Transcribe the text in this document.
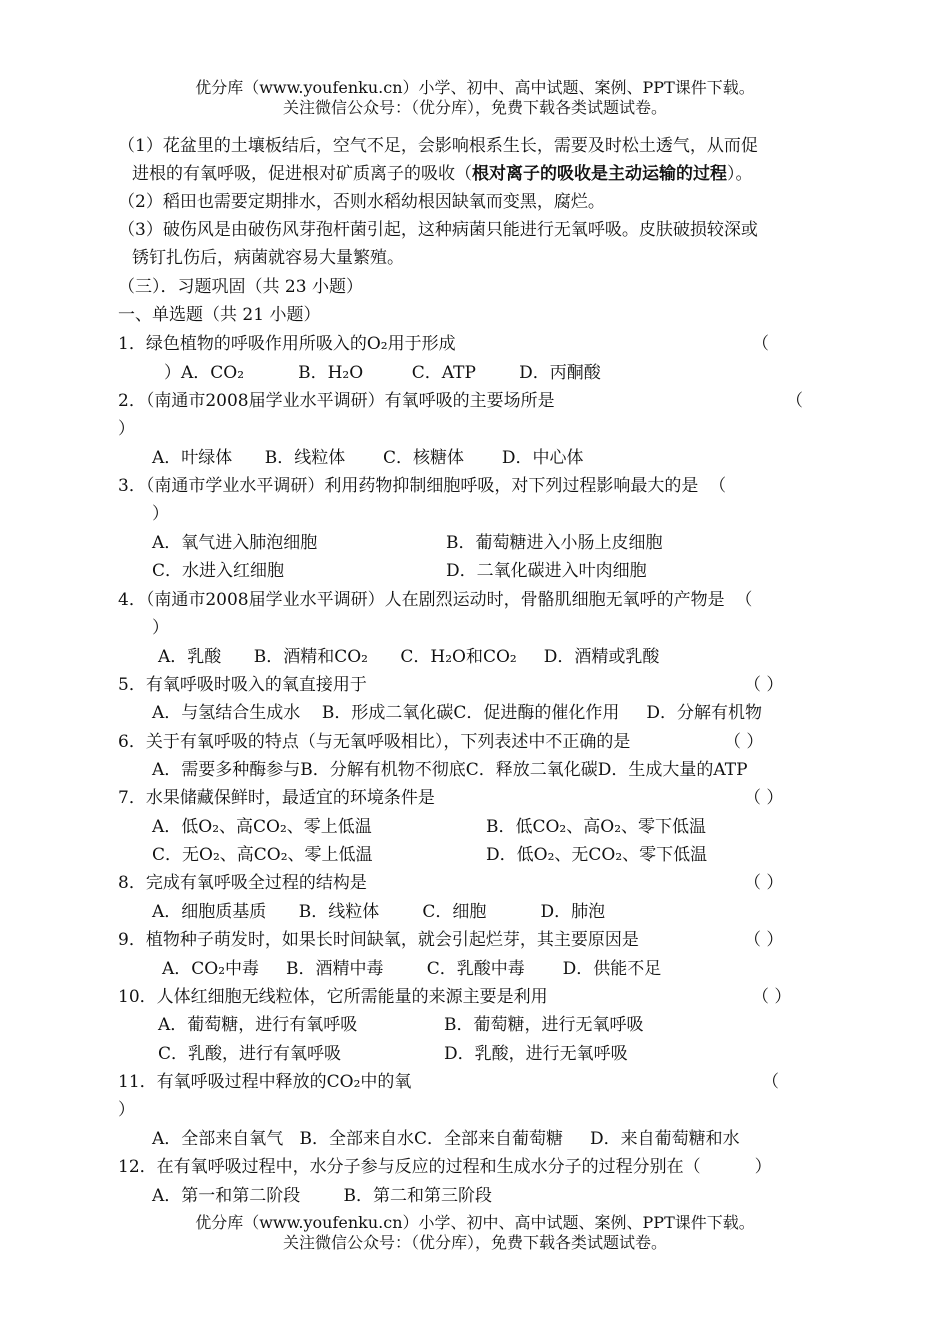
优分库（www.youfenku.cn）小学、初中、高中试题、案例、PPT课件下载。
关注微信公众号：（优分库），免费下载各类试题试卷。
（1）花盆里的土壤板结后，空气不足，会影响根系生长，需要及时松土透气，从而促
进根的有氧呼吸，促进根对矿质离子的吸收（根对离子的吸收是主动运输的过程）。
（2）稻田也需要定期排水，否则水稻幼根因缺氧而变黑，腐烂。
（3）破伤风是由破伤风芽孢杆菌引起，这种病菌只能进行无氧呼吸。皮肤破损较深或
锈钉扎伤后，病菌就容易大量繁殖。
（三）．习题巩固（共 23 小题）
一、单选题（共 21 小题）
1．绿色植物的呼吸作用所吸入的O₂用于形成	（
）A．CO₂          B．H₂O         C．ATP        D．丙酮酸
2．（南通市2008届学业水平调研）有氧呼吸的主要场所是	（
）
A．叶绿体      B．线粒体       C．核糖体       D．中心体
3．（南通市学业水平调研）利用药物抑制细胞呼吸，对下列过程影响最大的是  （
）
A．氧气进入肺泡细胞	B．葡萄糖进入小肠上皮细胞
C．水进入红细胞	D．二氧化碳进入叶肉细胞
4．（南通市2008届学业水平调研）人在剧烈运动时，骨骼肌细胞无氧呼的产物是  （
）
A．乳酸      B．酒精和CO₂      C．H₂O和CO₂     D．酒精或乳酸
5．有氧呼吸时吸入的氧直接用于	（ ）
A．与氢结合生成水    B．形成二氧化碳C．促进酶的催化作用     D．分解有机物
6．关于有氧呼吸的特点（与无氧呼吸相比），下列表述中不正确的是	（ ）
A．需要多种酶参与B．分解有机物不彻底C．释放二氧化碳D．生成大量的ATP
7．水果储藏保鲜时，最适宜的环境条件是	（ ）
A．低O₂、高CO₂、零上低温	B．低CO₂、高O₂、零下低温
C．无O₂、高CO₂、零上低温	D．低O₂、无CO₂、零下低温
8．完成有氧呼吸全过程的结构是	（ ）
A．细胞质基质      B．线粒体        C．细胞          D．肺泡
9．植物种子萌发时，如果长时间缺氧，就会引起烂芽，其主要原因是	（ ）
A．CO₂中毒     B．酒精中毒        C．乳酸中毒       D．供能不足
10．人体红细胞无线粒体，它所需能量的来源主要是利用	（ ）
A．葡萄糖，进行有氧呼吸	B．葡萄糖，进行无氧呼吸
C．乳酸，进行有氧呼吸	D．乳酸，进行无氧呼吸
11．有氧呼吸过程中释放的CO₂中的氧	（
）
A．全部来自氧气   B．全部来自水C．全部来自葡萄糖     D．来自葡萄糖和水
12．在有氧呼吸过程中，水分子参与反应的过程和生成水分子的过程分别在（          ）
A．第一和第二阶段        B．第二和第三阶段
优分库（www.youfenku.cn）小学、初中、高中试题、案例、PPT课件下载。
关注微信公众号：（优分库），免费下载各类试题试卷。
